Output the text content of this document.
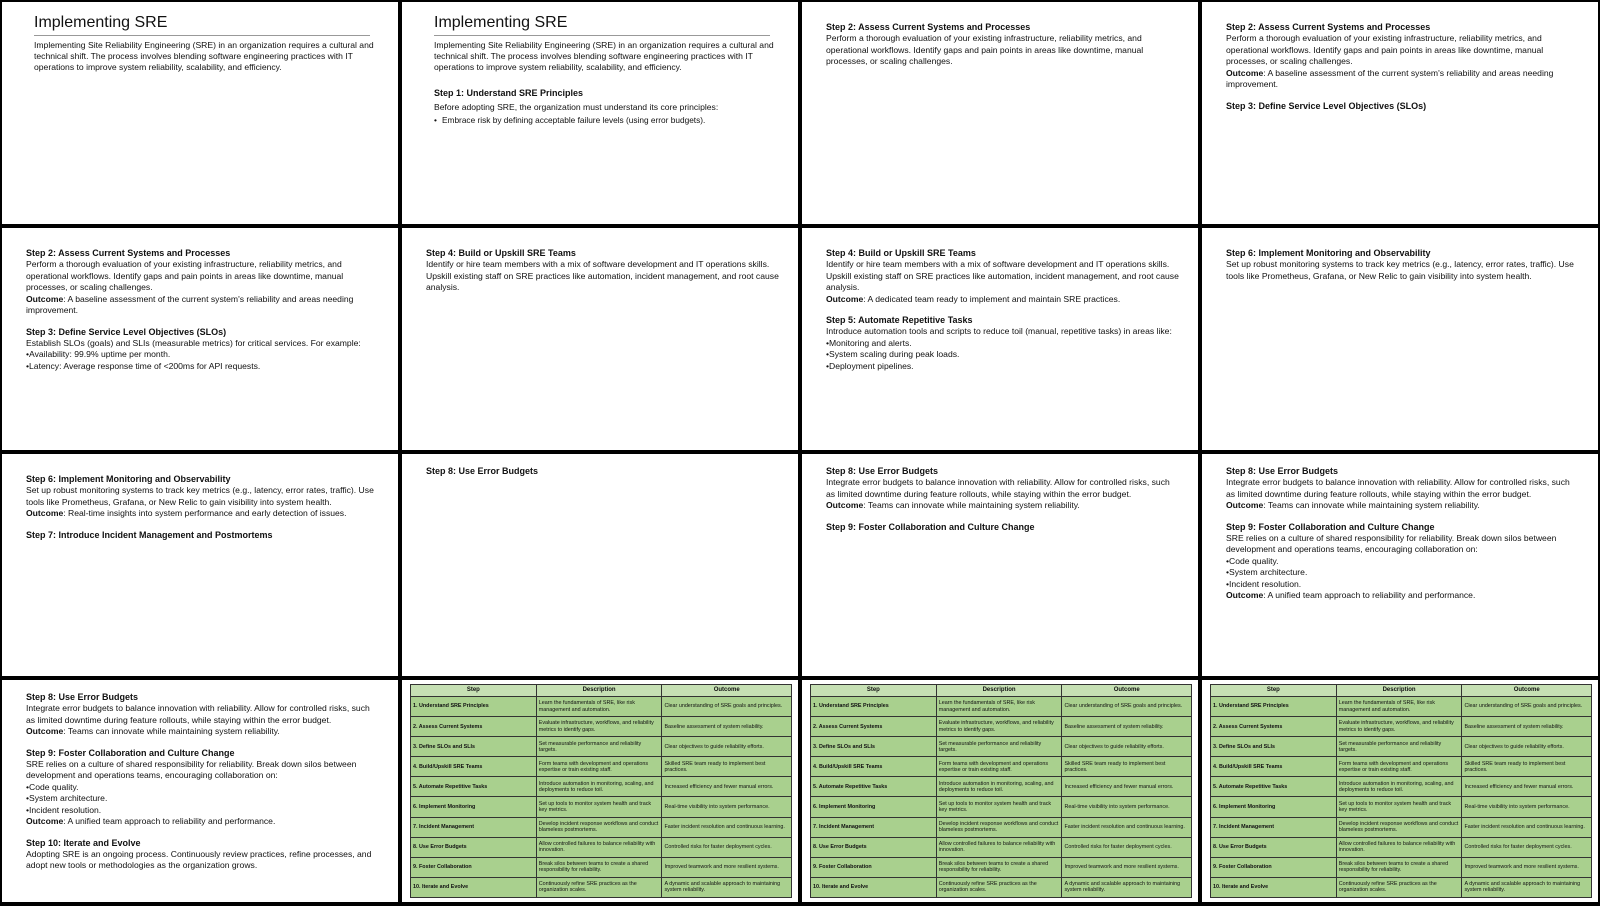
Implementing SRE
Implementing Site Reliability Engineering (SRE) in an organization requires a cultural and technical shift. The process involves blending software engineering practices with IT operations to improve system reliability, scalability, and efficiency.
Implementing SRE
Implementing Site Reliability Engineering (SRE) in an organization requires a cultural and technical shift. The process involves blending software engineering practices with IT operations to improve system reliability, scalability, and efficiency.
Step 1: Understand SRE Principles
Before adopting SRE, the organization must understand its core principles:
• Embrace risk by defining acceptable failure levels (using error budgets).
Step 2: Assess Current Systems and Processes
Perform a thorough evaluation of your existing infrastructure, reliability metrics, and operational workflows. Identify gaps and pain points in areas like downtime, manual processes, or scaling challenges.
Step 2: Assess Current Systems and Processes
Perform a thorough evaluation of your existing infrastructure, reliability metrics, and operational workflows. Identify gaps and pain points in areas like downtime, manual processes, or scaling challenges.
Outcome: A baseline assessment of the current system's reliability and areas needing improvement.
Step 3: Define Service Level Objectives (SLOs)
Step 2: Assess Current Systems and Processes
Perform a thorough evaluation of your existing infrastructure, reliability metrics, and operational workflows. Identify gaps and pain points in areas like downtime, manual processes, or scaling challenges.
Outcome: A baseline assessment of the current system's reliability and areas needing improvement.
Step 3: Define Service Level Objectives (SLOs)
Establish SLOs (goals) and SLIs (measurable metrics) for critical services. For example:
•Availability: 99.9% uptime per month.
•Latency: Average response time of <200ms for API requests.
Step 4: Build or Upskill SRE Teams
Identify or hire team members with a mix of software development and IT operations skills. Upskill existing staff on SRE practices like automation, incident management, and root cause analysis.
Step 4: Build or Upskill SRE Teams
Identify or hire team members with a mix of software development and IT operations skills. Upskill existing staff on SRE practices like automation, incident management, and root cause analysis.
Outcome: A dedicated team ready to implement and maintain SRE practices.
Step 5: Automate Repetitive Tasks
Introduce automation tools and scripts to reduce toil (manual, repetitive tasks) in areas like:
•Monitoring and alerts.
•System scaling during peak loads.
•Deployment pipelines.
Step 6: Implement Monitoring and Observability
Set up robust monitoring systems to track key metrics (e.g., latency, error rates, traffic). Use tools like Prometheus, Grafana, or New Relic to gain visibility into system health.
Step 6: Implement Monitoring and Observability
Set up robust monitoring systems to track key metrics (e.g., latency, error rates, traffic). Use tools like Prometheus, Grafana, or New Relic to gain visibility into system health.
Outcome: Real-time insights into system performance and early detection of issues.
Step 7: Introduce Incident Management and Postmortems
Step 8: Use Error Budgets	Step 8: Use Error Budgets
Integrate error budgets to balance innovation with reliability. Allow for controlled risks, such as limited downtime during feature rollouts, while staying within the error budget.
Outcome: Teams can innovate while maintaining system reliability.
Step 9: Foster Collaboration and Culture Change
Step 8: Use Error Budgets
Integrate error budgets to balance innovation with reliability. Allow for controlled risks, such as limited downtime during feature rollouts, while staying within the error budget.
Outcome: Teams can innovate while maintaining system reliability.
Step 9: Foster Collaboration and Culture Change
SRE relies on a culture of shared responsibility for reliability. Break down silos between development and operations teams, encouraging collaboration on:
•Code quality.
•System architecture.
•Incident resolution.
Outcome: A unified team approach to reliability and performance.
Step 8: Use Error Budgets
Integrate error budgets to balance innovation with reliability. Allow for controlled risks, such as limited downtime during feature rollouts, while staying within the error budget.
Outcome: Teams can innovate while maintaining system reliability.
Step 9: Foster Collaboration and Culture Change
SRE relies on a culture of shared responsibility for reliability. Break down silos between development and operations teams, encouraging collaboration on:
•Code quality.
•System architecture.
•Incident resolution.
Outcome: A unified team approach to reliability and performance.
Step 10: Iterate and Evolve
Adopting SRE is an ongoing process. Continuously review practices, refine processes, and adopt new tools or methodologies as the organization grows.
Step	Description	Outcome
1. Understand SRE Principles	Learn the fundamentals of SRE, like risk management and automation.	Clear understanding of SRE goals and principles.
2. Assess Current Systems	Evaluate infrastructure, workflows, and reliability metrics to identify gaps.	Baseline assessment of system reliability.
3. Define SLOs and SLIs	Set measurable performance and reliability targets.	Clear objectives to guide reliability efforts.
4. Build/Upskill SRE Teams	Form teams with development and operations expertise or train existing staff.	Skilled SRE team ready to implement best practices.
5. Automate Repetitive Tasks	Introduce automation in monitoring, scaling, and deployments to reduce toil.	Increased efficiency and fewer manual errors.
6. Implement Monitoring	Set up tools to monitor system health and track key metrics.	Real-time visibility into system performance.
7. Incident Management	Develop incident response workflows and conduct blameless postmortems.	Faster incident resolution and continuous learning.
8. Use Error Budgets	Allow controlled failures to balance reliability with innovation.	Controlled risks for faster deployment cycles.
9. Foster Collaboration	Break silos between teams to create a shared responsibility for reliability.	Improved teamwork and more resilient systems.
10. Iterate and Evolve	Continuously refine SRE practices as the organization scales.	A dynamic and scalable approach to maintaining system reliability.
Step	Description	Outcome
1. Understand SRE Principles	Learn the fundamentals of SRE, like risk management and automation.	Clear understanding of SRE goals and principles.
2. Assess Current Systems	Evaluate infrastructure, workflows, and reliability metrics to identify gaps.	Baseline assessment of system reliability.
3. Define SLOs and SLIs	Set measurable performance and reliability targets.	Clear objectives to guide reliability efforts.
4. Build/Upskill SRE Teams	Form teams with development and operations expertise or train existing staff.	Skilled SRE team ready to implement best practices.
5. Automate Repetitive Tasks	Introduce automation in monitoring, scaling, and deployments to reduce toil.	Increased efficiency and fewer manual errors.
6. Implement Monitoring	Set up tools to monitor system health and track key metrics.	Real-time visibility into system performance.
7. Incident Management	Develop incident response workflows and conduct blameless postmortems.	Faster incident resolution and continuous learning.
8. Use Error Budgets	Allow controlled failures to balance reliability with innovation.	Controlled risks for faster deployment cycles.
9. Foster Collaboration	Break silos between teams to create a shared responsibility for reliability.	Improved teamwork and more resilient systems.
10. Iterate and Evolve	Continuously refine SRE practices as the organization scales.	A dynamic and scalable approach to maintaining system reliability.
Step	Description	Outcome
1. Understand SRE Principles	Learn the fundamentals of SRE, like risk management and automation.	Clear understanding of SRE goals and principles.
2. Assess Current Systems	Evaluate infrastructure, workflows, and reliability metrics to identify gaps.	Baseline assessment of system reliability.
3. Define SLOs and SLIs	Set measurable performance and reliability targets.	Clear objectives to guide reliability efforts.
4. Build/Upskill SRE Teams	Form teams with development and operations expertise or train existing staff.	Skilled SRE team ready to implement best practices.
5. Automate Repetitive Tasks	Introduce automation in monitoring, scaling, and deployments to reduce toil.	Increased efficiency and fewer manual errors.
6. Implement Monitoring	Set up tools to monitor system health and track key metrics.	Real-time visibility into system performance.
7. Incident Management	Develop incident response workflows and conduct blameless postmortems.	Faster incident resolution and continuous learning.
8. Use Error Budgets	Allow controlled failures to balance reliability with innovation.	Controlled risks for faster deployment cycles.
9. Foster Collaboration	Break silos between teams to create a shared responsibility for reliability.	Improved teamwork and more resilient systems.
10. Iterate and Evolve	Continuously refine SRE practices as the organization scales.	A dynamic and scalable approach to maintaining system reliability.
